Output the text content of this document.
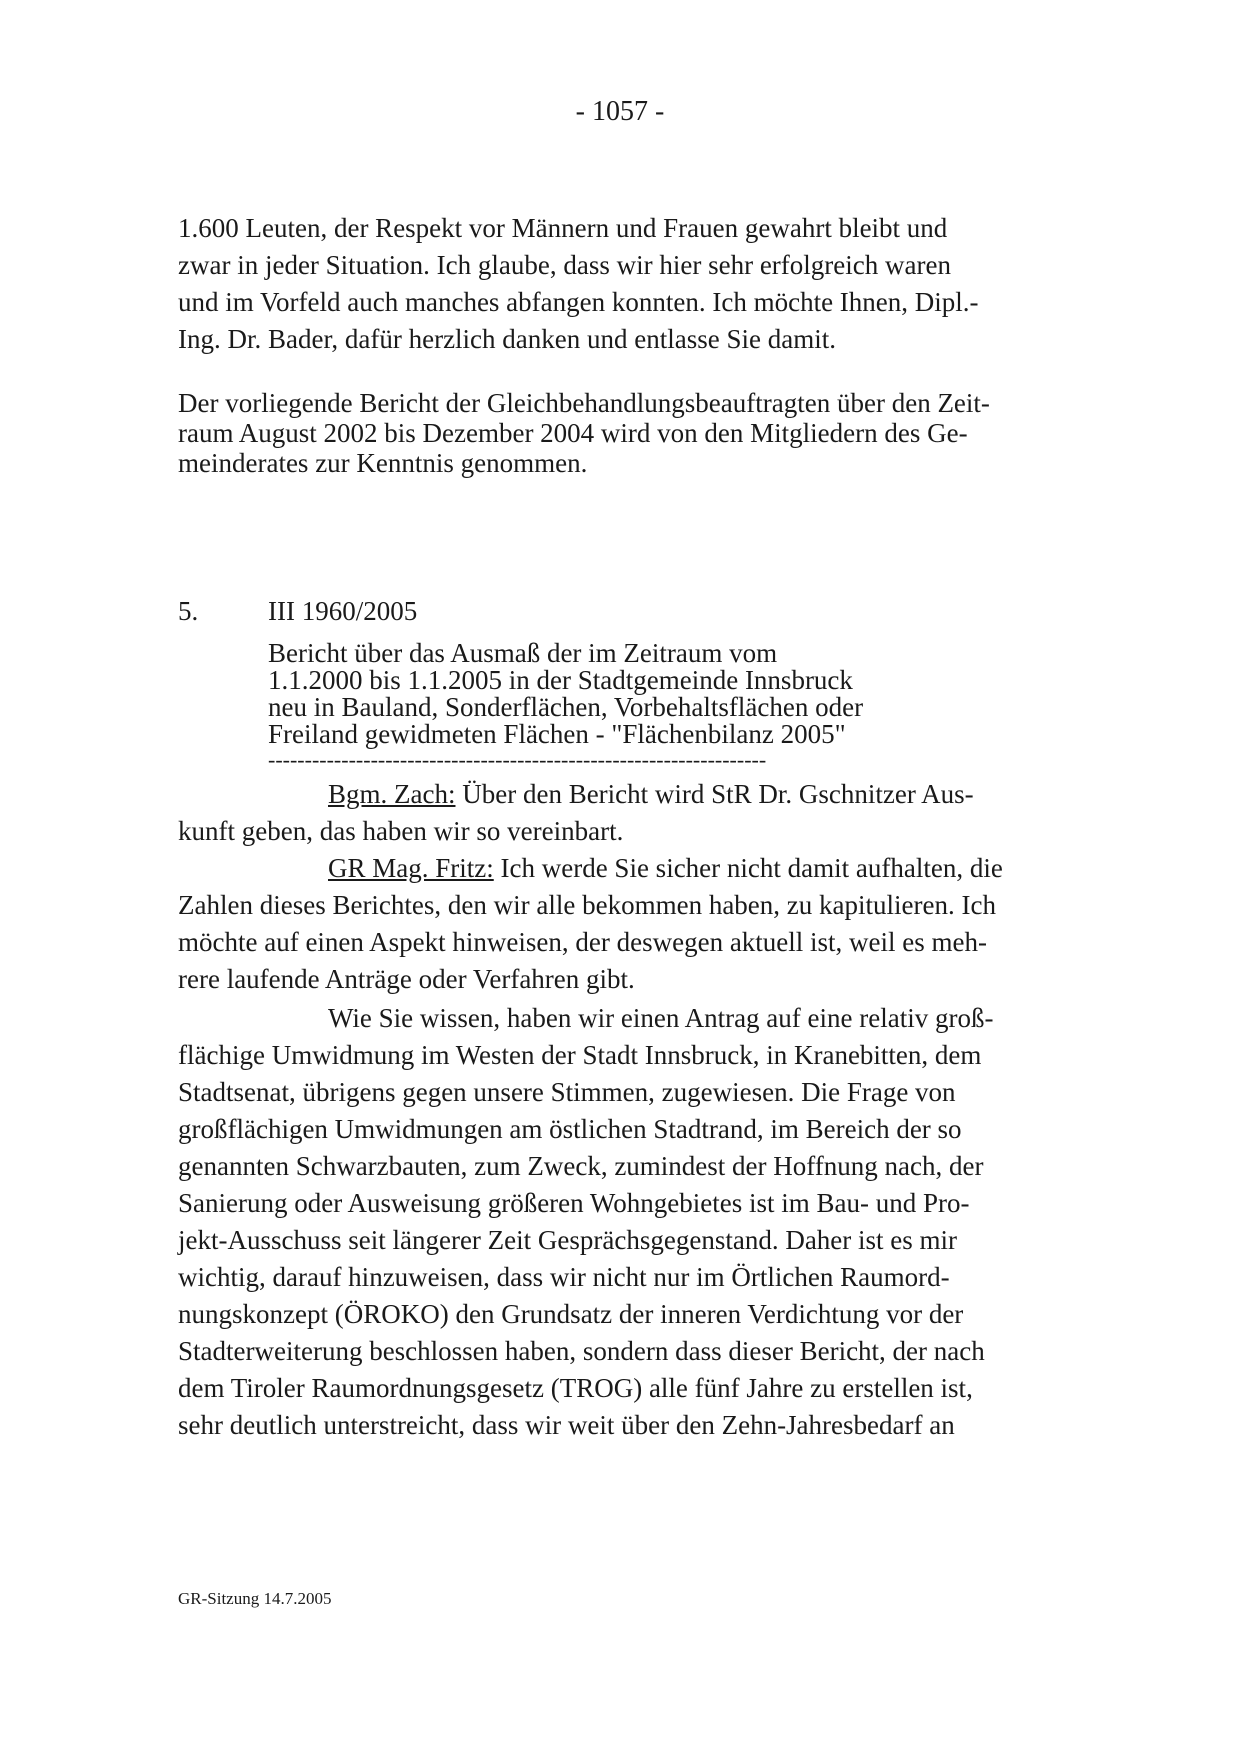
- 1057 -

1.600 Leuten, der Respekt vor Männern und Frauen gewahrt bleibt und
zwar in jeder Situation. Ich glaube, dass wir hier sehr erfolgreich waren
und im Vorfeld auch manches abfangen konnten. Ich möchte Ihnen, Dipl.-
Ing. Dr. Bader, dafür herzlich danken und entlasse Sie damit.

Der vorliegende Bericht der Gleichbehandlungsbeauftragten über den Zeit-
raum August 2002 bis Dezember 2004 wird von den Mitgliedern des Ge-
meinderates zur Kenntnis genommen.

5.	III 1960/2005

Bericht über das Ausmaß der im Zeitraum vom
1.1.2000 bis 1.1.2005 in der Stadtgemeinde Innsbruck
neu in Bauland, Sonderflächen, Vorbehaltsflächen oder
Freiland gewidmeten Flächen - "Flächenbilanz 2005"

--------------------------------------------------------------------

Bgm. Zach: Über den Bericht wird StR Dr. Gschnitzer Aus-
kunft geben, das haben wir so vereinbart.
GR Mag. Fritz: Ich werde Sie sicher nicht damit aufhalten, die
Zahlen dieses Berichtes, den wir alle bekommen haben, zu kapitulieren. Ich
möchte auf einen Aspekt hinweisen, der deswegen aktuell ist, weil es meh-
rere laufende Anträge oder Verfahren gibt.

Wie Sie wissen, haben wir einen Antrag auf eine relativ groß-
flächige Umwidmung im Westen der Stadt Innsbruck, in Kranebitten, dem
Stadtsenat, übrigens gegen unsere Stimmen, zugewiesen. Die Frage von
großflächigen Umwidmungen am östlichen Stadtrand, im Bereich der so
genannten Schwarzbauten, zum Zweck, zumindest der Hoffnung nach, der
Sanierung oder Ausweisung größeren Wohngebietes ist im Bau- und Pro-
jekt-Ausschuss seit längerer Zeit Gesprächsgegenstand. Daher ist es mir
wichtig, darauf hinzuweisen, dass wir nicht nur im Örtlichen Raumord-
nungskonzept (ÖROKO) den Grundsatz der inneren Verdichtung vor der
Stadterweiterung beschlossen haben, sondern dass dieser Bericht, der nach
dem Tiroler Raumordnungsgesetz (TROG) alle fünf Jahre zu erstellen ist,
sehr deutlich unterstreicht, dass wir weit über den Zehn-Jahresbedarf an

GR-Sitzung 14.7.2005
